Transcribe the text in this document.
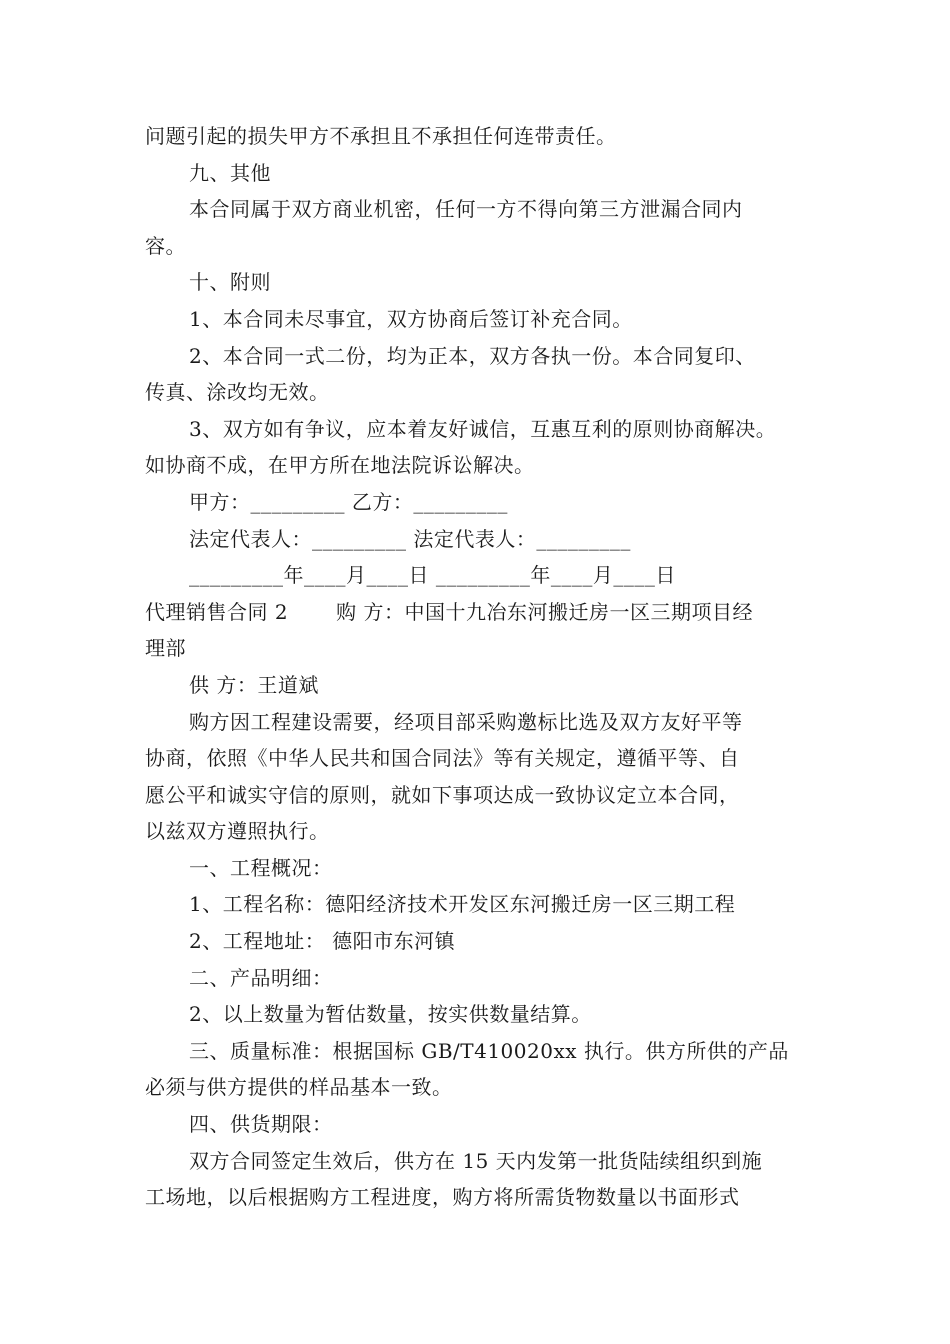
问题引起的损失甲方不承担且不承担任何连带责任。
九、其他
本合同属于双方商业机密，任何一方不得向第三方泄漏合同内
容。
十、附则
1、本合同未尽事宜，双方协商后签订补充合同。
2、本合同一式二份，均为正本，双方各执一份。本合同复印、
传真、涂改均无效。
3、双方如有争议，应本着友好诚信，互惠互利的原则协商解决。
如协商不成，在甲方所在地法院诉讼解决。
甲方：_________ 乙方：_________
法定代表人：_________ 法定代表人：_________
_________年____月____日 _________年____月____日
代理销售合同 2       购 方：中国十九冶东河搬迁房一区三期项目经
理部
供 方：王道斌
购方因工程建设需要，经项目部采购邀标比选及双方友好平等
协商，依照《中华人民共和国合同法》等有关规定，遵循平等、自
愿公平和诚实守信的原则，就如下事项达成一致协议定立本合同，
以兹双方遵照执行。
一、工程概况：
1、工程名称：德阳经济技术开发区东河搬迁房一区三期工程
2、工程地址： 德阳市东河镇
二、产品明细：
2、以上数量为暂估数量，按实供数量结算。
三、质量标准：根据国标 GB/T410020xx 执行。供方所供的产品
必须与供方提供的样品基本一致。
四、供货期限：
双方合同签定生效后，供方在 15 天内发第一批货陆续组织到施
工场地，以后根据购方工程进度，购方将所需货物数量以书面形式
